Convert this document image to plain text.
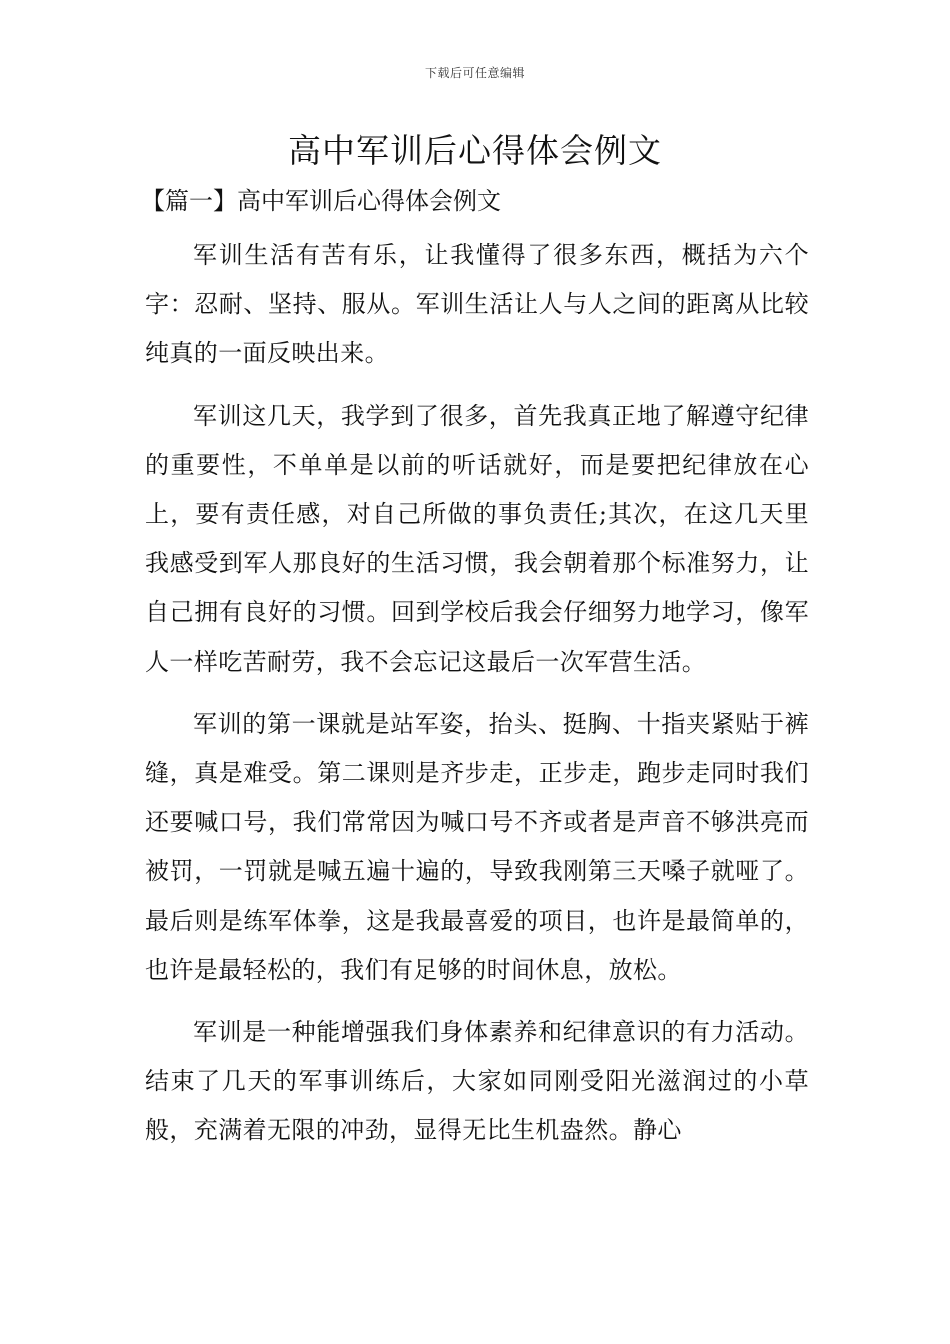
下载后可任意编辑
高中军训后心得体会例文
【篇一】高中军训后心得体会例文

军训生活有苦有乐，让我懂得了很多东西，概括为六个字：忍耐、坚持、服从。军训生活让人与人之间的距离从比较纯真的一面反映出来。

军训这几天，我学到了很多，首先我真正地了解遵守纪律的重要性，不单单是以前的听话就好，而是要把纪律放在心上，要有责任感，对自己所做的事负责任;其次，在这几天里我感受到军人那良好的生活习惯，我会朝着那个标准努力，让自己拥有良好的习惯。回到学校后我会仔细努力地学习，像军人一样吃苦耐劳，我不会忘记这最后一次军营生活。

军训的第一课就是站军姿，抬头、挺胸、十指夹紧贴于裤缝，真是难受。第二课则是齐步走，正步走，跑步走同时我们还要喊口号，我们常常因为喊口号不齐或者是声音不够洪亮而被罚，一罚就是喊五遍十遍的，导致我刚第三天嗓子就哑了。最后则是练军体拳，这是我最喜爱的项目，也许是最简单的，也许是最轻松的，我们有足够的时间休息，放松。

军训是一种能增强我们身体素养和纪律意识的有力活动。结束了几天的军事训练后，大家如同刚受阳光滋润过的小草般，充满着无限的冲劲，显得无比生机盎然。静心
